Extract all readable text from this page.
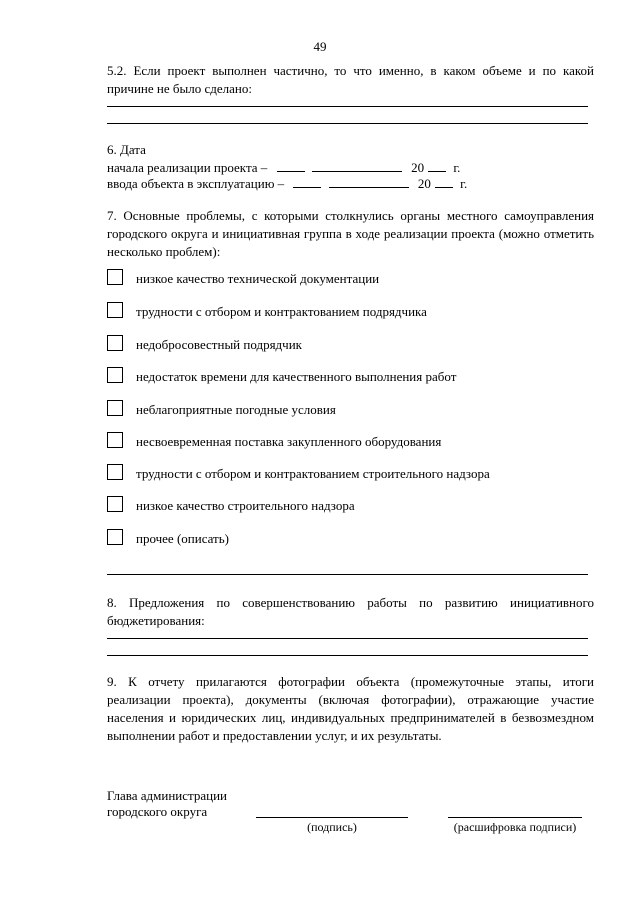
49
5.2. Если проект выполнен частично, то что именно, в каком объеме и по какой причине не было сделано:
6. Дата
начала реализации проекта –	20 г.
ввода объекта в эксплуатацию –	20 г.
7. Основные проблемы, с которыми столкнулись органы местного самоуправления городского округа и инициативная группа в ходе реализации проекта (можно отметить несколько проблем):
низкое качество технической документации
трудности с отбором и контрактованием подрядчика
недобросовестный подрядчик
недостаток времени для качественного выполнения работ
неблагоприятные погодные условия
несвоевременная поставка закупленного оборудования
трудности с отбором и контрактованием строительного надзора
низкое качество строительного надзора
прочее (описать)
8. Предложения по совершенствованию работы по развитию инициативного бюджетирования:
9. К отчету прилагаются фотографии объекта (промежуточные этапы, итоги реализации проекта), документы (включая фотографии), отражающие участие населения и юридических лиц, индивидуальных предпринимателей в безвозмездном выполнении работ и предоставлении услуг, и их результаты.
Глава администрации
городского округа
(подпись)	(расшифровка подписи)
